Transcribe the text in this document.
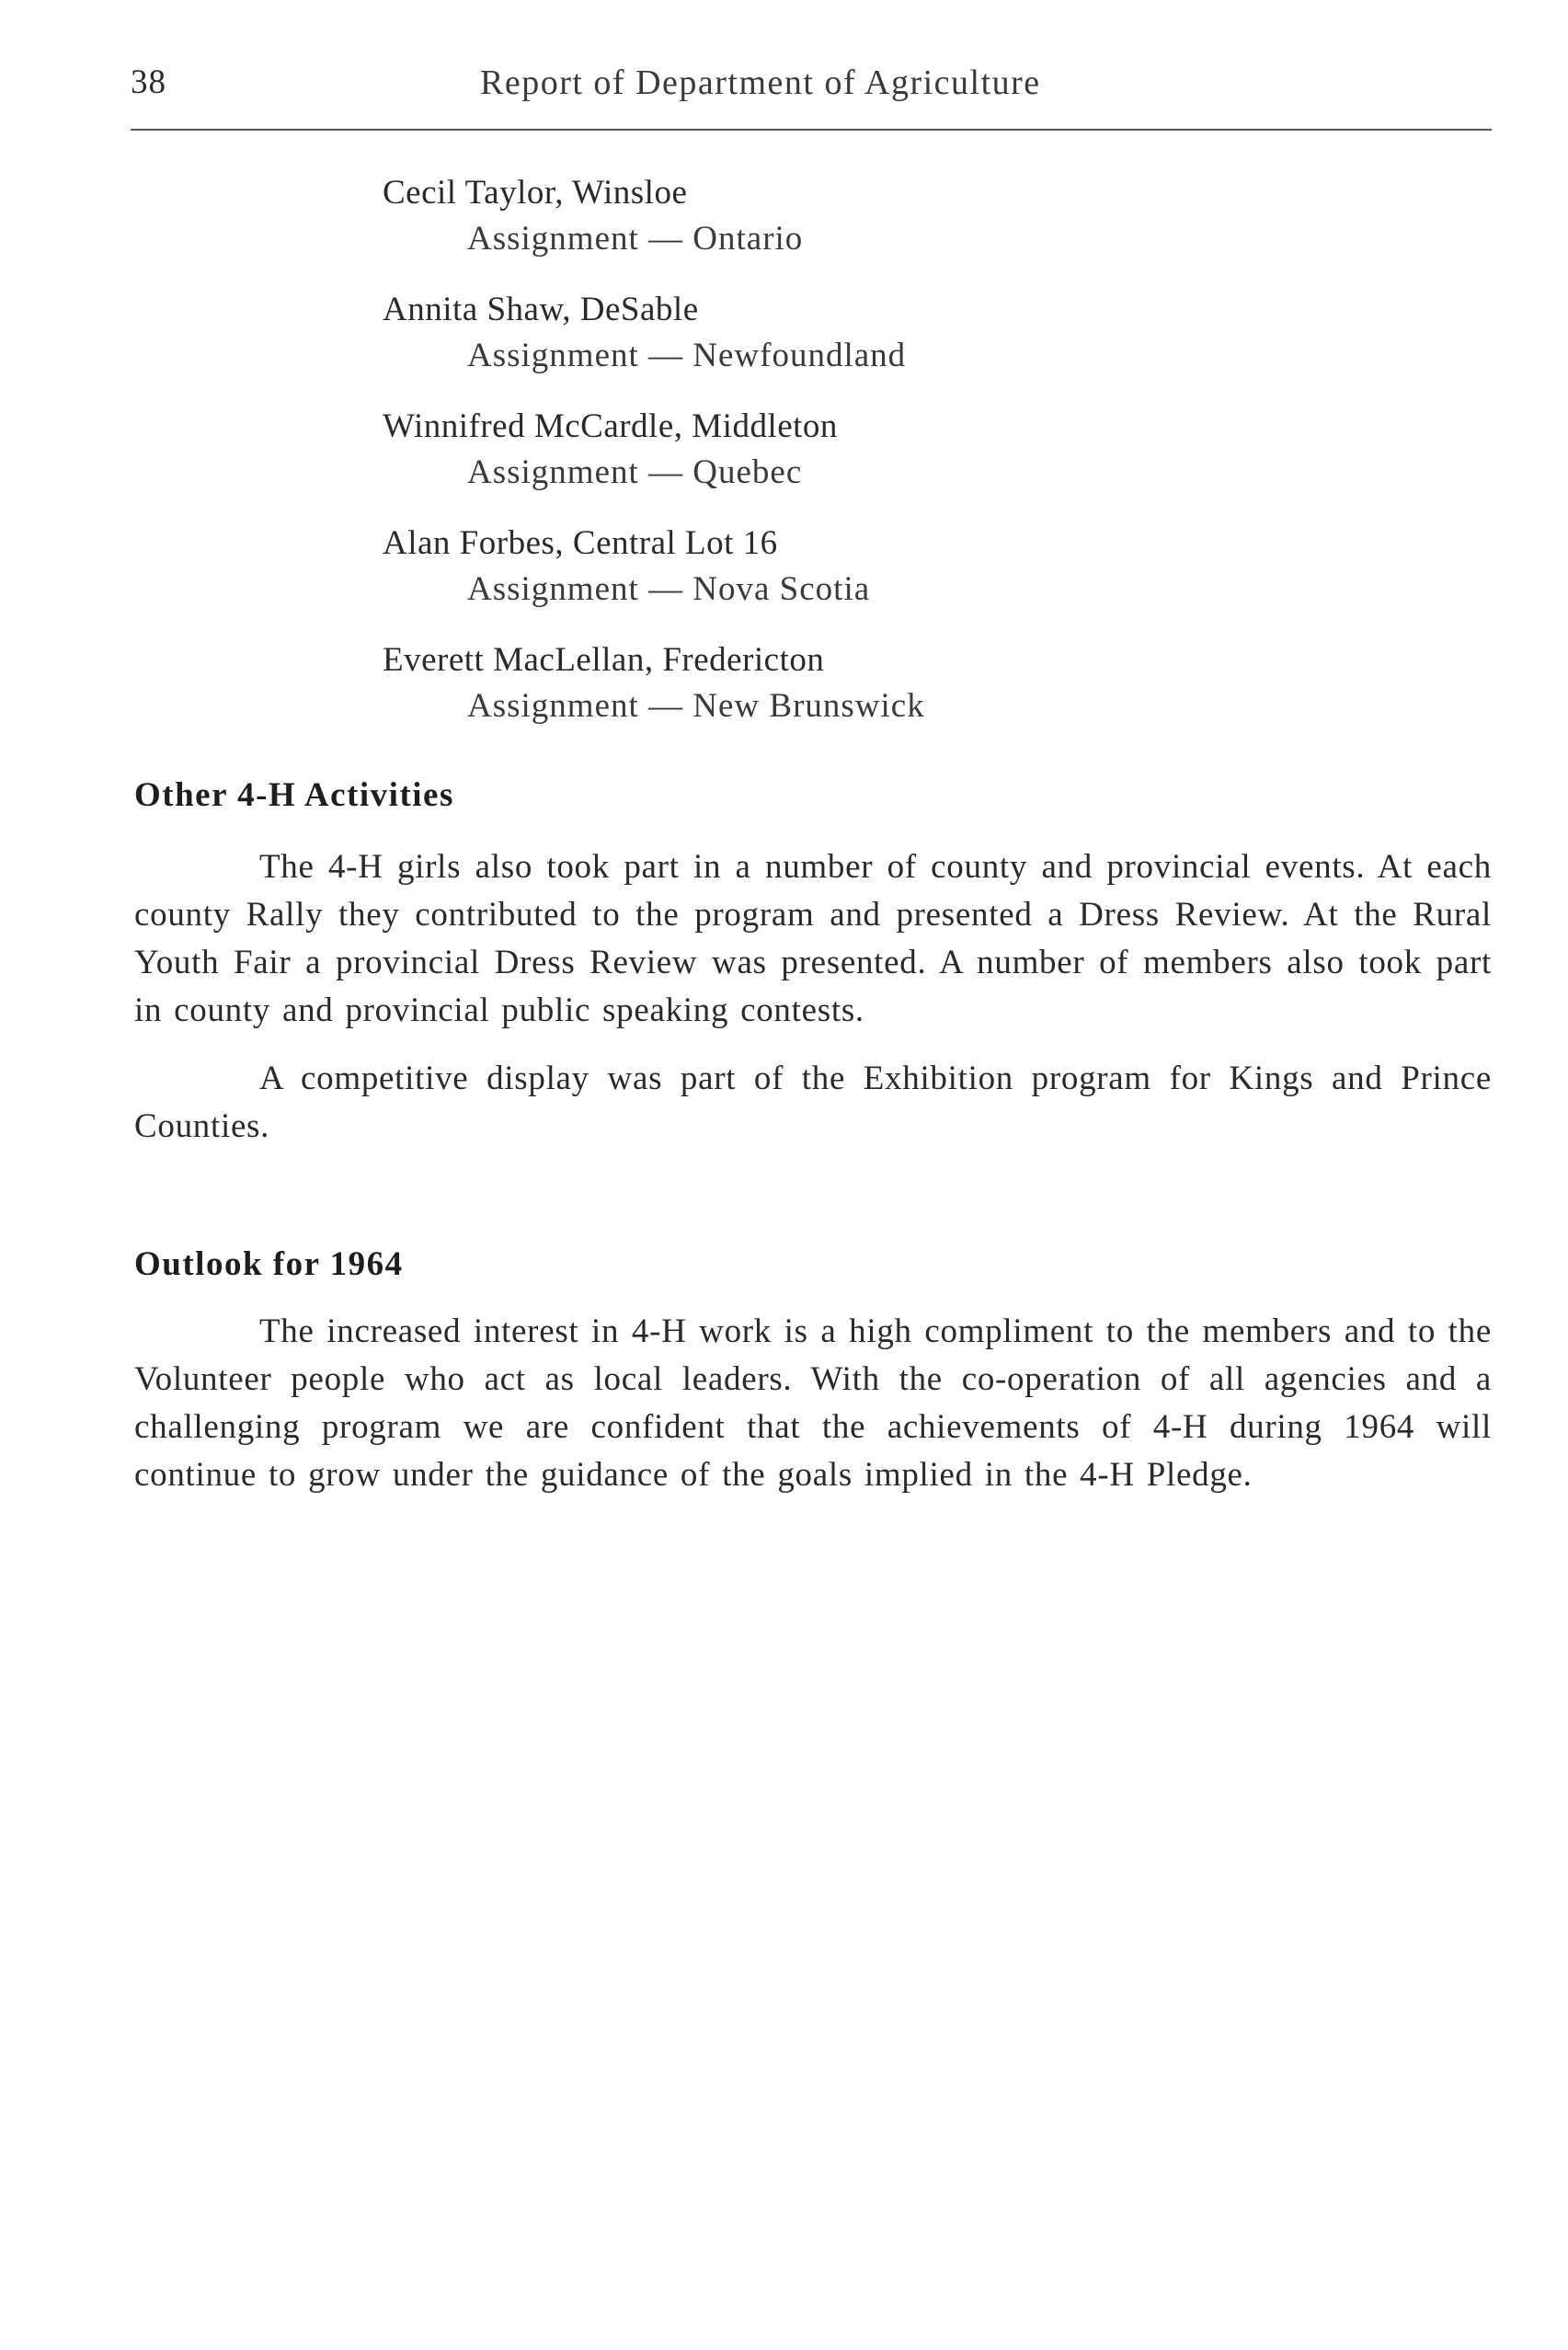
38	Report of Department of Agriculture
Cecil Taylor, Winsloe
Assignment — Ontario
Annita Shaw, DeSable
Assignment — Newfoundland
Winnifred McCardle, Middleton
Assignment — Quebec
Alan Forbes, Central Lot 16
Assignment — Nova Scotia
Everett MacLellan, Fredericton
Assignment — New Brunswick
Other 4-H Activities

The 4-H girls also took part in a number of county and provincial events. At each county Rally they contributed to the program and presented a Dress Review. At the Rural Youth Fair a provincial Dress Review was presented. A number of members also took part in county and provincial public speaking contests.

A competitive display was part of the Exhibition program for Kings and Prince Counties.

Outlook for 1964

The increased interest in 4-H work is a high compliment to the members and to the Volunteer people who act as local leaders. With the co-operation of all agencies and a challenging program we are confident that the achievements of 4-H during 1964 will continue to grow under the guidance of the goals implied in the 4-H Pledge.
